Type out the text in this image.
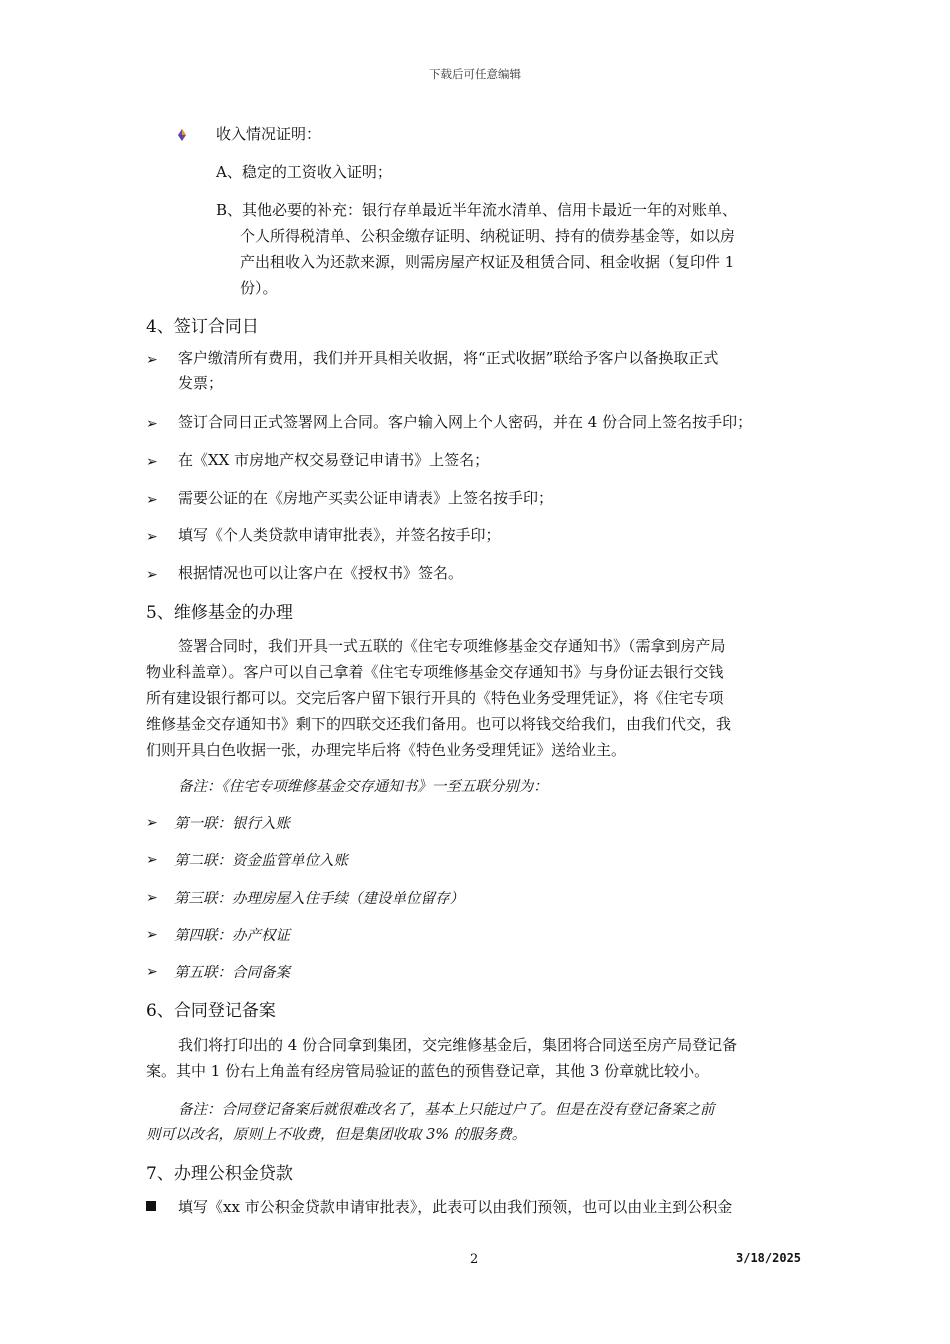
下载后可任意编辑
收入情况证明：
A、稳定的工资收入证明；
B、其他必要的补充：银行存单最近半年流水清单、信用卡最近一年的对账单、
个人所得税清单、公积金缴存证明、纳税证明、持有的债券基金等，如以房
产出租收入为还款来源，则需房屋产权证及租赁合同、租金收据（复印件 1
份）。
4、签订合同日
➢ 客户缴清所有费用，我们并开具相关收据，将“正式收据”联给予客户以备换取正式
发票；
➢ 签订合同日正式签署网上合同。客户输入网上个人密码，并在 4 份合同上签名按手印；
➢ 在《XX 市房地产权交易登记申请书》上签名；
➢ 需要公证的在《房地产买卖公证申请表》上签名按手印；
➢ 填写《个人类贷款申请审批表》，并签名按手印；
➢ 根据情况也可以让客户在《授权书》签名。
5、维修基金的办理
签署合同时，我们开具一式五联的《住宅专项维修基金交存通知书》（需拿到房产局
物业科盖章）。客户可以自己拿着《住宅专项维修基金交存通知书》与身份证去银行交钱
所有建设银行都可以。交完后客户留下银行开具的《特色业务受理凭证》，将《住宅专项
维修基金交存通知书》剩下的四联交还我们备用。也可以将钱交给我们，由我们代交，我
们则开具白色收据一张，办理完毕后将《特色业务受理凭证》送给业主。
备注：《住宅专项维修基金交存通知书》一至五联分别为：
➢ 第一联：银行入账
➢ 第二联：资金监管单位入账
➢ 第三联：办理房屋入住手续（建设单位留存）
➢ 第四联：办产权证
➢ 第五联：合同备案
6、合同登记备案
我们将打印出的 4 份合同拿到集团，交完维修基金后，集团将合同送至房产局登记备
案。其中 1 份右上角盖有经房管局验证的蓝色的预售登记章，其他 3 份章就比较小。
备注：合同登记备案后就很难改名了，基本上只能过户了。但是在没有登记备案之前
则可以改名，原则上不收费，但是集团收取 3% 的服务费。
7、办理公积金贷款
填写《xx 市公积金贷款申请审批表》，此表可以由我们预领，也可以由业主到公积金
2	3/18/2025
